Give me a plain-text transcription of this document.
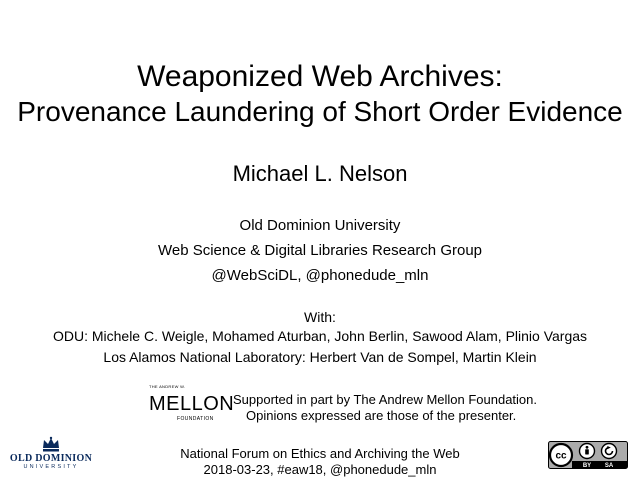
Weaponized Web Archives:
Provenance Laundering of Short Order Evidence
Michael L. Nelson
Old Dominion University
Web Science & Digital Libraries Research Group
@WebSciDL, @phonedude_mln
With:
ODU: Michele C. Weigle, Mohamed Aturban, John Berlin, Sawood Alam, Plinio Vargas
Los Alamos National Laboratory: Herbert Van de Sompel, Martin Klein
THE ANDREW W.
MELLON
FOUNDATION
Supported in part by The Andrew Mellon Foundation.
Opinions expressed are those of the presenter.
OLD DOMINION
UNIVERSITY
National Forum on Ethics and Archiving the Web
2018-03-23, #eaw18, @phonedude_mln
cc
BY SA
